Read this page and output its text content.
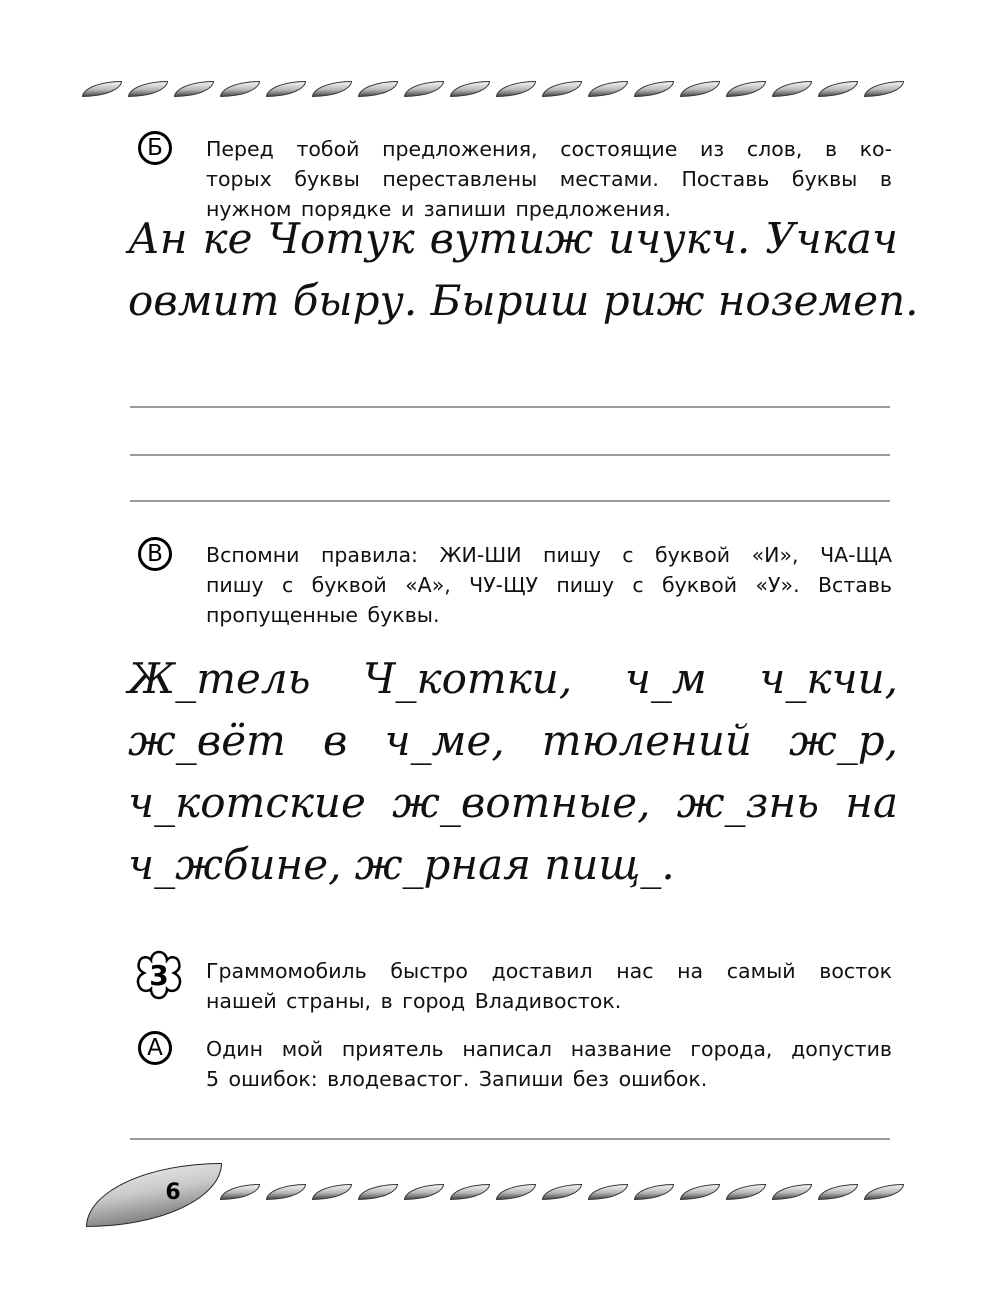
Б	Перед тобой предложения, состоящие из слов, в ко-
торых буквы переставлены местами. Поставь буквы в
нужном порядке и запиши предложения.
Ан ке Чотук вутиж ичукч. Учкач
овмит быру. Быриш риж ноземеп.
В	Вспомни правила: ЖИ-ШИ пишу с буквой «И», ЧА-ЩА
пишу с буквой «А», ЧУ-ЩУ пишу с буквой «У». Вставь
пропущенные буквы.
Ж_тель Ч_котки, ч_м ч_кчи,
ж_вёт в ч_ме, тюлений ж_р,
ч_котские ж_вотные, ж_знь на
ч_жбине, ж_рная пищ_.
3	Граммомобиль быстро доставил нас на самый восток
нашей страны, в город Владивосток.
А	Один мой приятель написал название города, допустив
5 ошибок: влодевастог. Запиши без ошибок.
6
